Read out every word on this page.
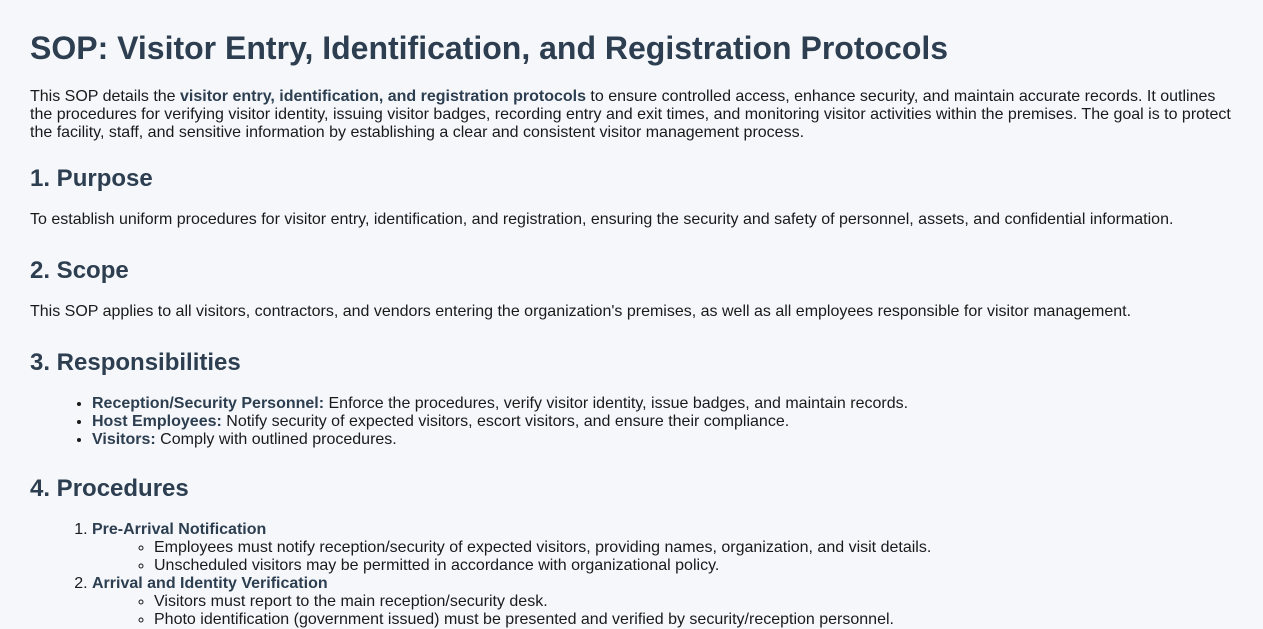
SOP: Visitor Entry, Identification, and Registration Protocols

This SOP details the visitor entry, identification, and registration protocols to ensure controlled access, enhance security, and maintain accurate records. It outlines the procedures for verifying visitor identity, issuing visitor badges, recording entry and exit times, and monitoring visitor activities within the premises. The goal is to protect the facility, staff, and sensitive information by establishing a clear and consistent visitor management process.

1. Purpose

To establish uniform procedures for visitor entry, identification, and registration, ensuring the security and safety of personnel, assets, and confidential information.

2. Scope

This SOP applies to all visitors, contractors, and vendors entering the organization's premises, as well as all employees responsible for visitor management.

3. Responsibilities
• Reception/Security Personnel: Enforce the procedures, verify visitor identity, issue badges, and maintain records.
• Host Employees: Notify security of expected visitors, escort visitors, and ensure their compliance.
• Visitors: Comply with outlined procedures.
4. Procedures
1. Pre-Arrival Notification
◦ Employees must notify reception/security of expected visitors, providing names, organization, and visit details.
◦ Unscheduled visitors may be permitted in accordance with organizational policy.
2. Arrival and Identity Verification
◦ Visitors must report to the main reception/security desk.
◦ Photo identification (government issued) must be presented and verified by security/reception personnel.
